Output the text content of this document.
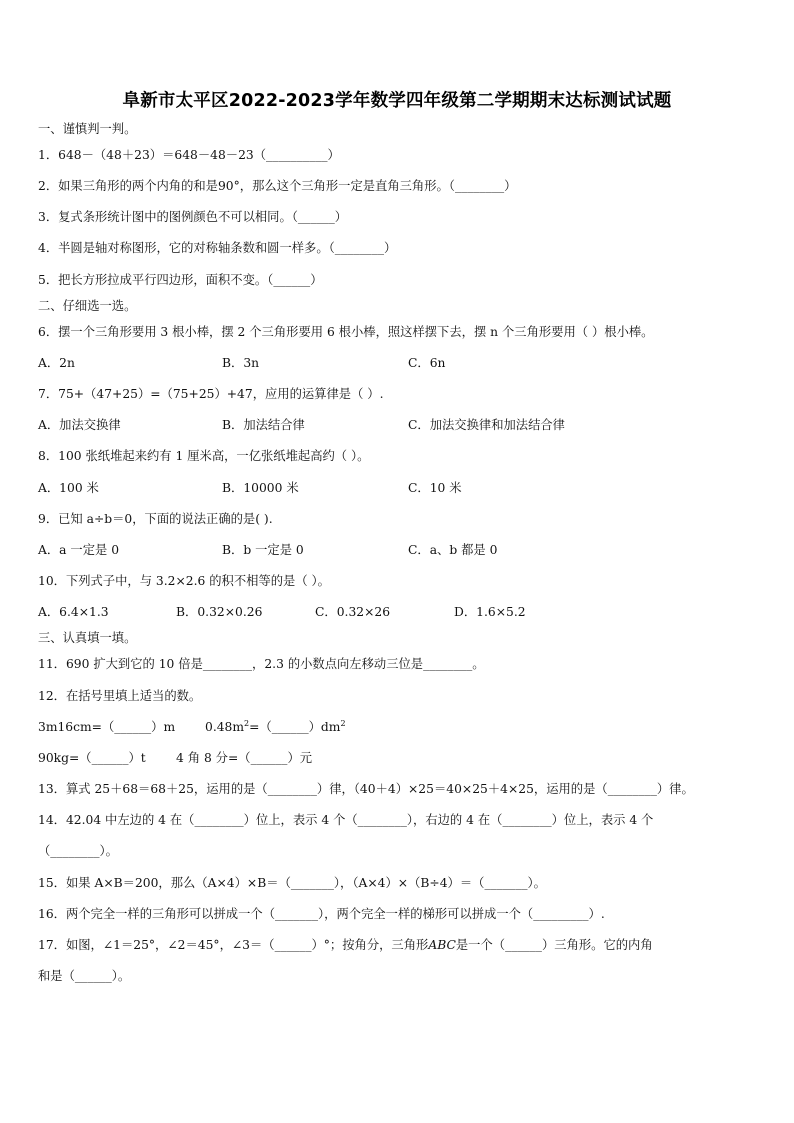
阜新市太平区2022-2023学年数学四年级第二学期期末达标测试试题
一、谨慎判一判。
1．648－（48＋23）＝648－48－23（__________）
2．如果三角形的两个内角的和是90°，那么这个三角形一定是直角三角形。（________）
3．复式条形统计图中的图例颜色不可以相同。（______）
4．半圆是轴对称图形，它的对称轴条数和圆一样多。（________）
5．把长方形拉成平行四边形，面积不变。（______）
二、仔细选一选。
6．摆一个三角形要用 3 根小棒，摆 2 个三角形要用 6 根小棒，照这样摆下去，摆 n 个三角形要用（ ）根小棒。
A．2n	B．3n	C．6n
7．75+（47+25）=（75+25）+47，应用的运算律是（ ）.
A．加法交换律	B．加法结合律	C．加法交换律和加法结合律
8．100 张纸堆起来约有 1 厘米高，一亿张纸堆起高约（ ）。
A．100 米	B．10000 米	C．10 米
9．已知 a÷b＝0，下面的说法正确的是( ).
A．a 一定是 0	B．b 一定是 0	C．a、b 都是 0
10．下列式子中，与 3.2×2.6 的积不相等的是（ ）。
A．6.4×1.3	B．0.32×0.26	C．0.32×26	D．1.6×5.2
三、认真填一填。
11．690 扩大到它的 10 倍是________，2.3 的小数点向左移动三位是________。
12．在括号里填上适当的数。
3m16cm=（______）m $0.48m^2=(\_\_\_\_\_\_)dm^2$
90kg=（______）t 4 角 8 分=（______）元
13．算式 25＋68＝68＋25，运用的是（________）律，（40＋4）×25＝40×25＋4×25，运用的是（________）律。
14．42.04 中左边的 4 在（________）位上，表示 4 个（________），右边的 4 在（________）位上，表示 4 个
（________）。
15．如果 A×B＝200，那么（A×4）×B＝（_______），（A×4）×（B÷4）＝（_______）。
16．两个完全一样的三角形可以拼成一个（_______），两个完全一样的梯形可以拼成一个（_________）.
17．如图，∠1＝25°，∠2＝45°，∠3＝（______）°；按角分，三角形ABC是一个（______）三角形。它的内角
和是（______）。
